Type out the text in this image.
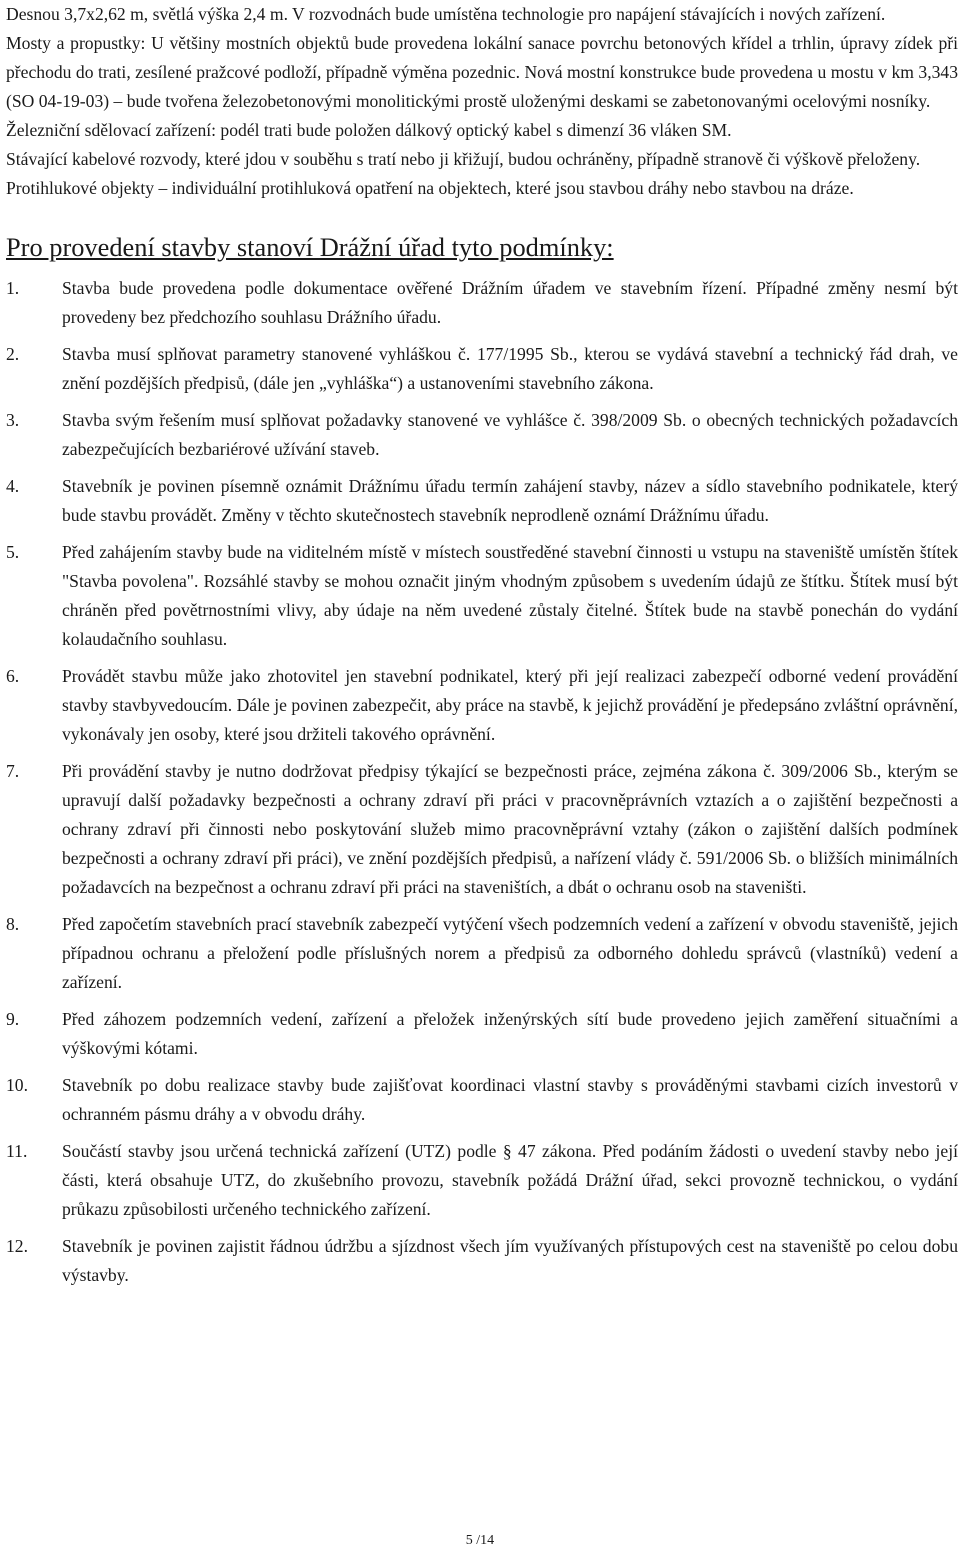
Desnou 3,7x2,62 m, světlá výška 2,4 m. V rozvodnách bude umístěna technologie pro napájení stávajících i nových zařízení.

Mosty a propustky: U většiny mostních objektů bude provedena lokální sanace povrchu betonových křídel a trhlin, úpravy zídek při přechodu do trati, zesílené pražcové podloží, případně výměna pozednic. Nová mostní konstrukce bude provedena u mostu v km 3,343 (SO 04-19-03) – bude tvořena železobetonovými monolitickými prostě uloženými deskami se zabetonovanými ocelovými nosníky.

Železniční sdělovací zařízení: podél trati bude položen dálkový optický kabel s dimenzí 36 vláken SM.

Stávající kabelové rozvody, které jdou v souběhu s tratí nebo ji křižují, budou ochráněny, případně stranově či výškově přeloženy.

Protihlukové objekty – individuální protihluková opatření na objektech, které jsou stavbou dráhy nebo stavbou na dráze.

Pro provedení stavby stanoví Drážní úřad tyto podmínky:
1.	Stavba bude provedena podle dokumentace ověřené Drážním úřadem ve stavebním řízení. Případné změny nesmí být provedeny bez předchozího souhlasu Drážního úřadu.
2.	Stavba musí splňovat parametry stanovené vyhláškou č. 177/1995 Sb., kterou se vydává stavební a technický řád drah, ve znění pozdějších předpisů, (dále jen „vyhláška“) a ustanoveními stavebního zákona.
3.	Stavba svým řešením musí splňovat požadavky stanovené ve vyhlášce č. 398/2009 Sb. o obecných technických požadavcích zabezpečujících bezbariérové užívání staveb.
4.	Stavebník je povinen písemně oznámit Drážnímu úřadu termín zahájení stavby, název a sídlo stavebního podnikatele, který bude stavbu provádět. Změny v těchto skutečnostech stavebník neprodleně oznámí Drážnímu úřadu.
5.	Před zahájením stavby bude na viditelném místě v místech soustředěné stavební činnosti u vstupu na staveniště umístěn štítek "Stavba povolena". Rozsáhlé stavby se mohou označit jiným vhodným způsobem s uvedením údajů ze štítku. Štítek musí být chráněn před povětrnostními vlivy, aby údaje na něm uvedené zůstaly čitelné. Štítek bude na stavbě ponechán do vydání kolaudačního souhlasu.
6.	Provádět stavbu může jako zhotovitel jen stavební podnikatel, který při její realizaci zabezpečí odborné vedení provádění stavby stavbyvedoucím. Dále je povinen zabezpečit, aby práce na stavbě, k jejichž provádění je předepsáno zvláštní oprávnění, vykonávaly jen osoby, které jsou držiteli takového oprávnění.
7.	Při provádění stavby je nutno dodržovat předpisy týkající se bezpečnosti práce, zejména zákona č. 309/2006 Sb., kterým se upravují další požadavky bezpečnosti a ochrany zdraví při práci v pracovněprávních vztazích a o zajištění bezpečnosti a ochrany zdraví při činnosti nebo poskytování služeb mimo pracovněprávní vztahy (zákon o zajištění dalších podmínek bezpečnosti a ochrany zdraví při práci), ve znění pozdějších předpisů, a nařízení vlády č. 591/2006 Sb. o bližších minimálních požadavcích na bezpečnost a ochranu zdraví při práci na staveništích, a dbát o ochranu osob na staveništi.
8.	Před započetím stavebních prací stavebník zabezpečí vytýčení všech podzemních vedení a zařízení v obvodu staveniště, jejich případnou ochranu a přeložení podle příslušných norem a předpisů za odborného dohledu správců (vlastníků) vedení a zařízení.
9.	Před záhozem podzemních vedení, zařízení a přeložek inženýrských sítí bude provedeno jejich zaměření situačními a výškovými kótami.
10.	Stavebník po dobu realizace stavby bude zajišťovat koordinaci vlastní stavby s prováděnými stavbami cizích investorů v ochranném pásmu dráhy a v obvodu dráhy.
11.	Součástí stavby jsou určená technická zařízení (UTZ) podle § 47 zákona. Před podáním žádosti o uvedení stavby nebo její části, která obsahuje UTZ, do zkušebního provozu, stavebník požádá Drážní úřad, sekci provozně technickou, o vydání průkazu způsobilosti určeného technického zařízení.
12.	Stavebník je povinen zajistit řádnou údržbu a sjízdnost všech jím využívaných přístupových cest na staveniště po celou dobu výstavby.
5 /14
